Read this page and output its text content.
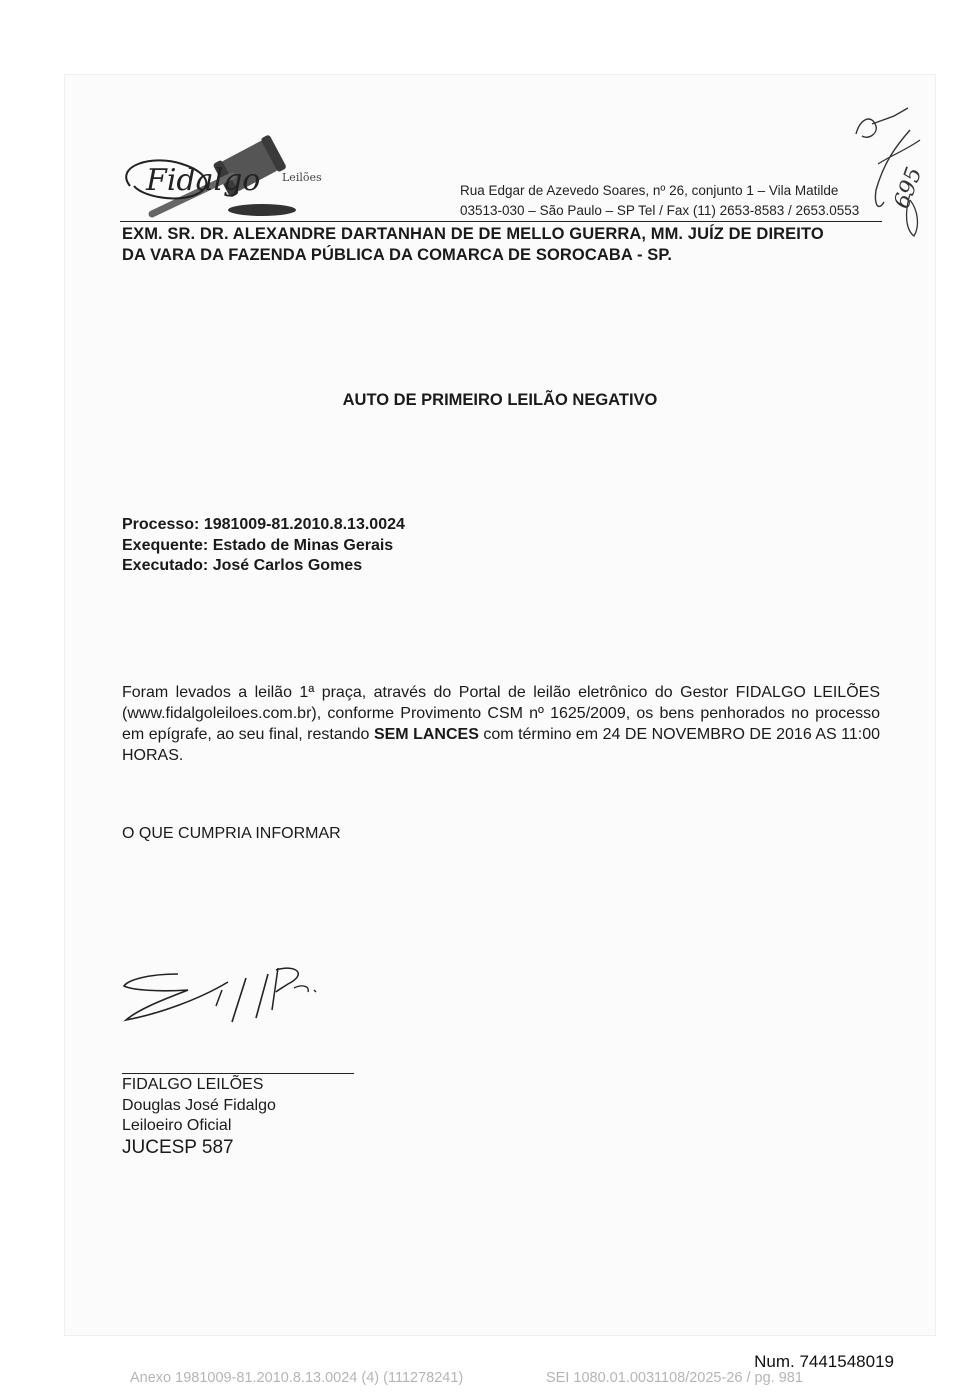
Fidalgo Leilões
Rua Edgar de Azevedo Soares, nº 26, conjunto 1 – Vila Matilde
03513-030 – São Paulo – SP Tel / Fax (11) 2653-8583 / 2653.0553 695
EXM. SR. DR. ALEXANDRE DARTANHAN DE DE MELLO GUERRA, MM. JUÍZ DE DIREITO
DA VARA DA FAZENDA PÚBLICA DA COMARCA DE SOROCABA - SP.
AUTO DE PRIMEIRO LEILÃO NEGATIVO
Processo: 1981009-81.2010.8.13.0024
Exequente: Estado de Minas Gerais
Executado: José Carlos Gomes
Foram levados a leilão 1ª praça, através do Portal de leilão eletrônico do Gestor FIDALGO LEILÕES (www.fidalgoleiloes.com.br), conforme Provimento CSM nº 1625/2009, os bens penhorados no processo em epígrafe, ao seu final, restando SEM LANCES com término em 24 DE NOVEMBRO DE 2016 AS 11:00 HORAS.
O QUE CUMPRIA INFORMAR
FIDALGO LEILÕES
Douglas José Fidalgo
Leiloeiro Oficial
JUCESP 587
Num. 7441548019
Anexo 1981009-81.2010.8.13.0024 (4) (111278241)	SEI 1080.01.0031108/2025-26 / pg. 981
